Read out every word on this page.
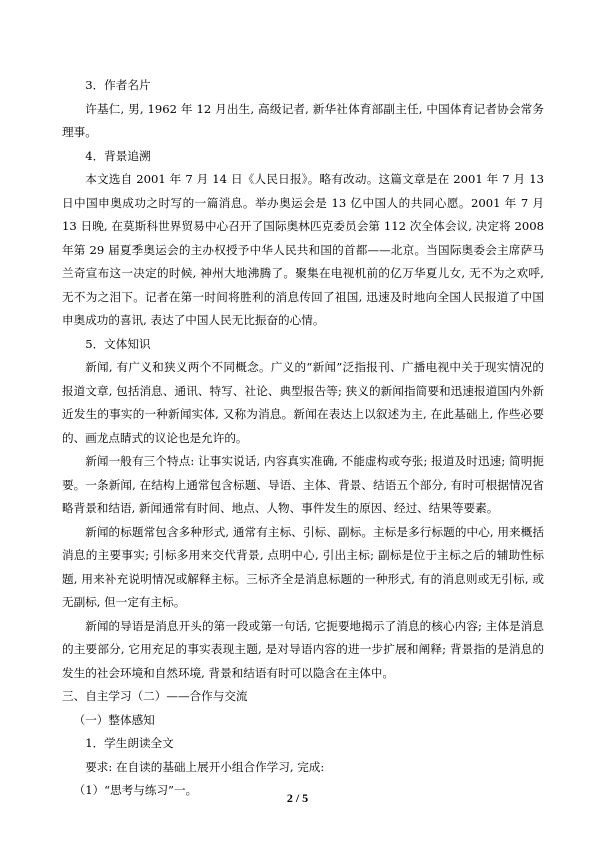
3．作者名片

许基仁, 男, 1962 年 12 月出生, 高级记者, 新华社体育部副主任, 中国体育记者协会常务理事。

4．背景追溯

本文选自 2001 年 7 月 14 日《人民日报》。略有改动。这篇文章是在 2001 年 7 月 13 日中国申奥成功之时写的一篇消息。举办奥运会是 13 亿中国人的共同心愿。2001 年 7 月 13 日晚, 在莫斯科世界贸易中心召开了国际奥林匹克委员会第 112 次全体会议, 决定将 2008 年第 29 届夏季奥运会的主办权授予中华人民共和国的首都——北京。当国际奥委会主席萨马兰奇宣布这一决定的时候, 神州大地沸腾了。聚集在电视机前的亿万华夏儿女, 无不为之欢呼, 无不为之泪下。记者在第一时间将胜利的消息传回了祖国, 迅速及时地向全国人民报道了中国申奥成功的喜讯, 表达了中国人民无比振奋的心情。

5．文体知识

新闻, 有广义和狭义两个不同概念。广义的“新闻”泛指报刊、广播电视中关于现实情况的报道文章, 包括消息、通讯、特写、社论、典型报告等; 狭义的新闻指简要和迅速报道国内外新近发生的事实的一种新闻实体, 又称为消息。新闻在表达上以叙述为主, 在此基础上, 作些必要的、画龙点睛式的议论也是允许的。

新闻一般有三个特点: 让事实说话, 内容真实准确, 不能虚构或夸张; 报道及时迅速; 简明扼要。一条新闻, 在结构上通常包含标题、导语、主体、背景、结语五个部分, 有时可根据情况省略背景和结语, 新闻通常有时间、地点、人物、事件发生的原因、经过、结果等要素。

新闻的标题常包含多种形式, 通常有主标、引标、副标。主标是多行标题的中心, 用来概括消息的主要事实; 引标多用来交代背景, 点明中心, 引出主标; 副标是位于主标之后的辅助性标题, 用来补充说明情况或解释主标。三标齐全是消息标题的一种形式, 有的消息则或无引标, 或无副标, 但一定有主标。

新闻的导语是消息开头的第一段或第一句话, 它扼要地揭示了消息的核心内容; 主体是消息的主要部分, 它用充足的事实表现主题, 是对导语内容的进一步扩展和阐释; 背景指的是消息的发生的社会环境和自然环境, 背景和结语有时可以隐含在主体中。

三、自主学习（二）——合作与交流

（一）整体感知

1．学生朗读全文

要求: 在自读的基础上展开小组合作学习, 完成:

（1）“思考与练习”一。

2 / 5
